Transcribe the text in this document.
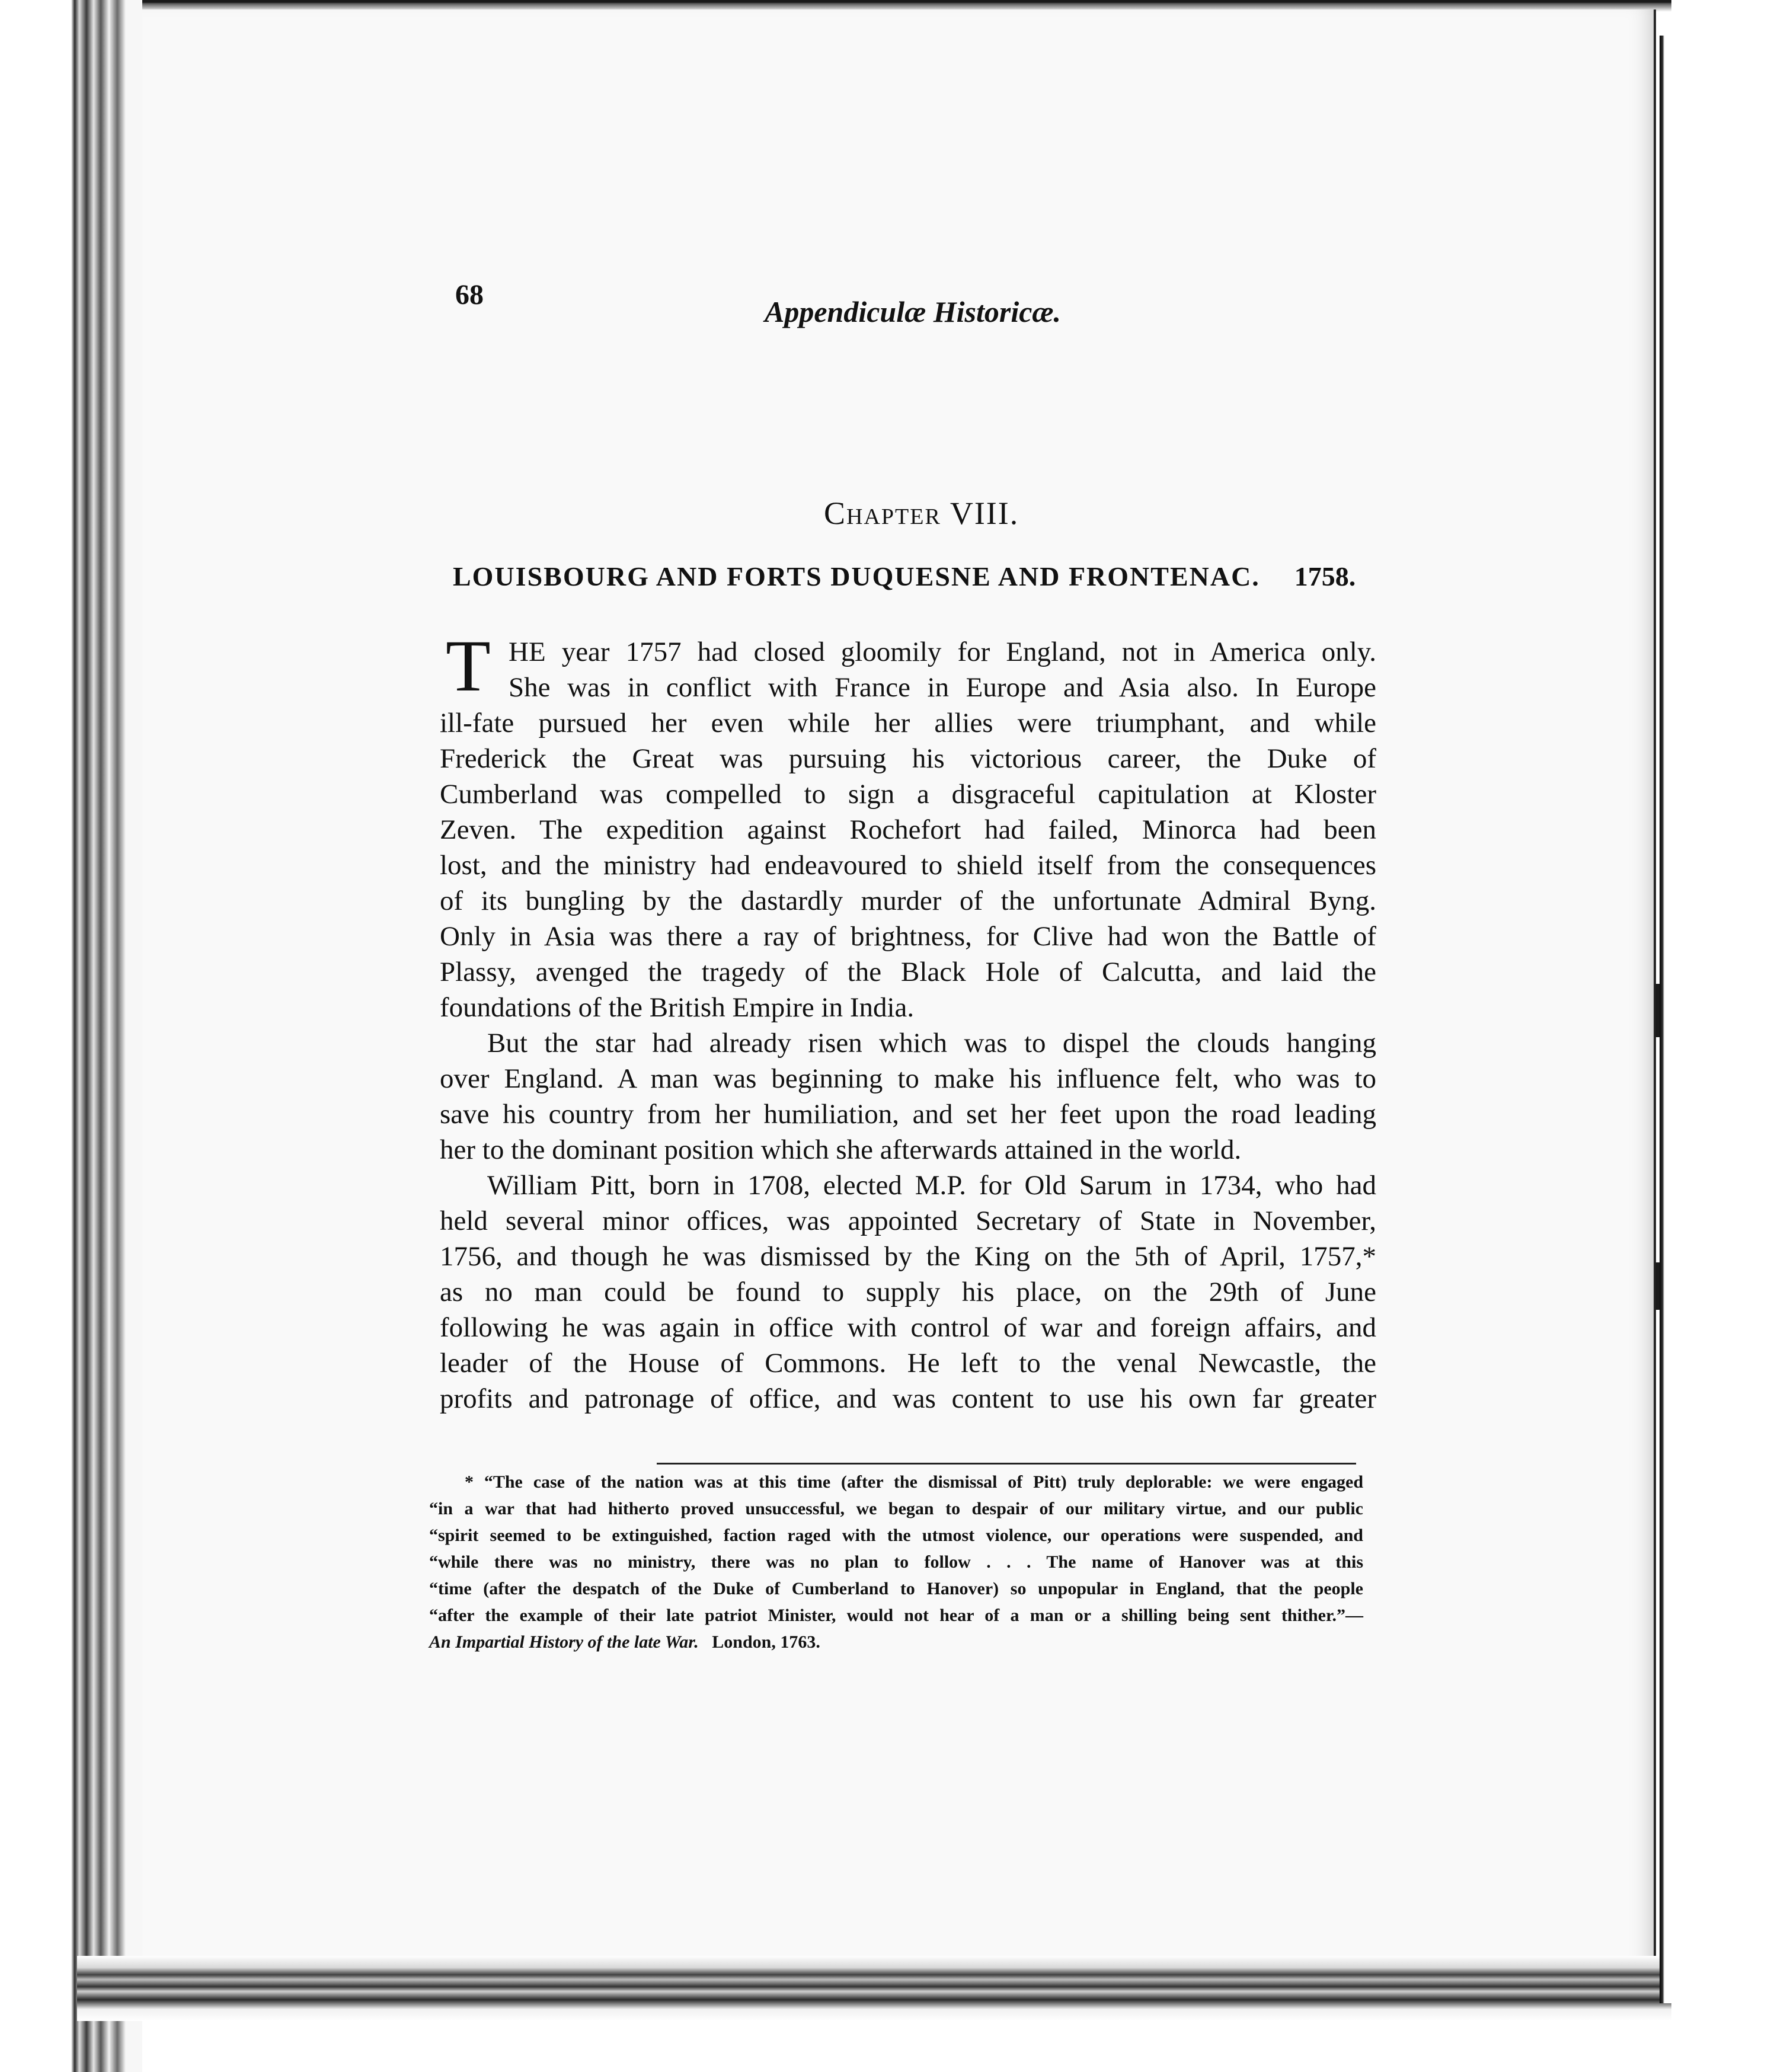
68
Appendiculæ Historicæ.
CHAPTER VIII.
LOUISBOURG AND FORTS DUQUESNE AND FRONTENAC. 1758.
T HE year 1757 had closed gloomily for England, not in America only.
She was in conflict with France in Europe and Asia also. In Europe
ill-fate pursued her even while her allies were triumphant, and while
Frederick the Great was pursuing his victorious career, the Duke of
Cumberland was compelled to sign a disgraceful capitulation at Kloster
Zeven. The expedition against Rochefort had failed, Minorca had been
lost, and the ministry had endeavoured to shield itself from the consequences
of its bungling by the dastardly murder of the unfortunate Admiral Byng.
Only in Asia was there a ray of brightness, for Clive had won the Battle of
Plassy, avenged the tragedy of the Black Hole of Calcutta, and laid the
foundations of the British Empire in India.
But the star had already risen which was to dispel the clouds hanging
over England. A man was beginning to make his influence felt, who was to
save his country from her humiliation, and set her feet upon the road leading
her to the dominant position which she afterwards attained in the world.
William Pitt, born in 1708, elected M.P. for Old Sarum in 1734, who had
held several minor offices, was appointed Secretary of State in November,
1756, and though he was dismissed by the King on the 5th of April, 1757,*
as no man could be found to supply his place, on the 29th of June
following he was again in office with control of war and foreign affairs, and
leader of the House of Commons. He left to the venal Newcastle, the
profits and patronage of office, and was content to use his own far greater
* “The case of the nation was at this time (after the dismissal of Pitt) truly deplorable: we were engaged
“in a war that had hitherto proved unsuccessful, we began to despair of our military virtue, and our public
“spirit seemed to be extinguished, faction raged with the utmost violence, our operations were suspended, and
“while there was no ministry, there was no plan to follow . . . The name of Hanover was at this
“time (after the despatch of the Duke of Cumberland to Hanover) so unpopular in England, that the people
“after the example of their late patriot Minister, would not hear of a man or a shilling being sent thither.”—
An Impartial History of the late War. London, 1763.
